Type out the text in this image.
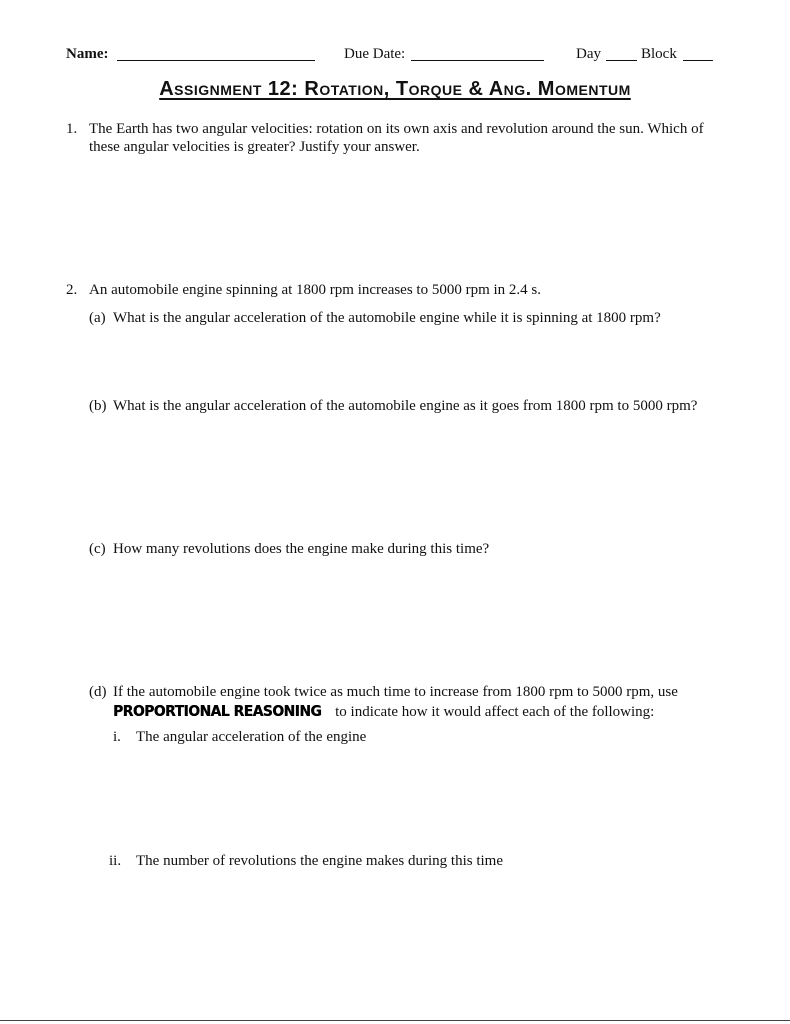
Name:	Due Date:	Day	Block
Assignment 12: Rotation, Torque & Ang. Momentum
1. The Earth has two angular velocities: rotation on its own axis and revolution around the sun. Which of
these angular velocities is greater? Justify your answer.
2. An automobile engine spinning at 1800 rpm increases to 5000 rpm in 2.4 s.
(a) What is the angular acceleration of the automobile engine while it is spinning at 1800 rpm?
(b) What is the angular acceleration of the automobile engine as it goes from 1800 rpm to 5000 rpm?
(c) How many revolutions does the engine make during this time?
(d) If the automobile engine took twice as much time to increase from 1800 rpm to 5000 rpm, use
PROPORTIONAL REASONING to indicate how it would affect each of the following:
i. The angular acceleration of the engine
ii. The number of revolutions the engine makes during this time
